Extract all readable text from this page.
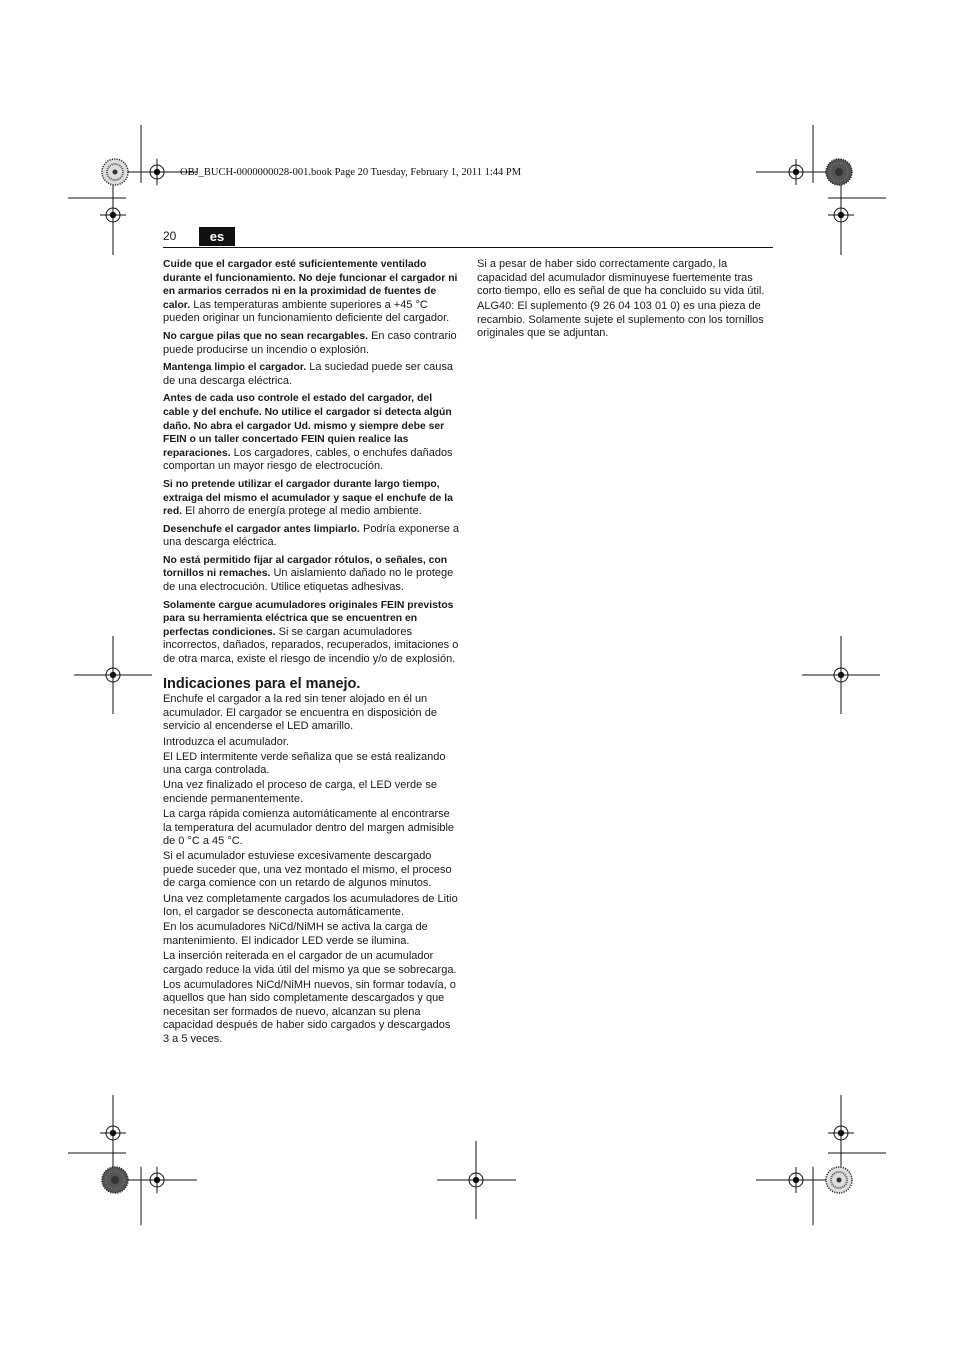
OBJ_BUCH-0000000028-001.book Page 20 Tuesday, February 1, 2011 1:44 PM
20	es

Cuide que el cargador esté suficientemente ventilado durante el funcionamiento. No deje funcionar el cargador ni en armarios cerrados ni en la proximidad de fuentes de calor. Las temperaturas ambiente superiores a +45 °C pueden originar un funcionamiento deficiente del cargador.

No cargue pilas que no sean recargables. En caso contrario puede producirse un incendio o explosión.

Mantenga limpio el cargador. La suciedad puede ser causa de una descarga eléctrica.

Antes de cada uso controle el estado del cargador, del cable y del enchufe. No utilice el cargador si detecta algún daño. No abra el cargador Ud. mismo y siempre debe ser FEIN o un taller concertado FEIN quien realice las reparaciones. Los cargadores, cables, o enchufes dañados comportan un mayor riesgo de electrocución.

Si no pretende utilizar el cargador durante largo tiempo, extraiga del mismo el acumulador y saque el enchufe de la red. El ahorro de energía protege al medio ambiente.

Desenchufe el cargador antes limpiarlo. Podría exponerse a una descarga eléctrica.

No está permitido fijar al cargador rótulos, o señales, con tornillos ni remaches. Un aislamiento dañado no le protege de una electrocución. Utilice etiquetas adhesivas.

Solamente cargue acumuladores originales FEIN previstos para su herramienta eléctrica que se encuentren en perfectas condiciones. Si se cargan acumuladores incorrectos, dañados, reparados, recuperados, imitaciones o de otra marca, existe el riesgo de incendio y/o de explosión.

Indicaciones para el manejo.

Enchufe el cargador a la red sin tener alojado en él un acumulador. El cargador se encuentra en disposición de servicio al encenderse el LED amarillo.

Introduzca el acumulador.

El LED intermitente verde señaliza que se está realizando una carga controlada.

Una vez finalizado el proceso de carga, el LED verde se enciende permanentemente.

La carga rápida comienza automáticamente al encontrarse la temperatura del acumulador dentro del margen admisible de 0 °C a 45 °C.

Si el acumulador estuviese excesivamente descargado puede suceder que, una vez montado el mismo, el proceso de carga comience con un retardo de algunos minutos.

Una vez completamente cargados los acumuladores de Litio Ion, el cargador se desconecta automáticamente.

En los acumuladores NiCd/NiMH se activa la carga de mantenimiento. El indicador LED verde se ilumina.

La inserción reiterada en el cargador de un acumulador cargado reduce la vida útil del mismo ya que se sobrecarga.

Los acumuladores NiCd/NiMH nuevos, sin formar todavía, o aquellos que han sido completamente descargados y que necesitan ser formados de nuevo, alcanzan su plena capacidad después de haber sido cargados y descargados 3 a 5 veces.

Si a pesar de haber sido correctamente cargado, la capacidad del acumulador disminuyese fuertemente tras corto tiempo, ello es señal de que ha concluido su vida útil.

ALG40: El suplemento (9 26 04 103 01 0) es una pieza de recambio. Solamente sujete el suplemento con los tornillos originales que se adjuntan.
